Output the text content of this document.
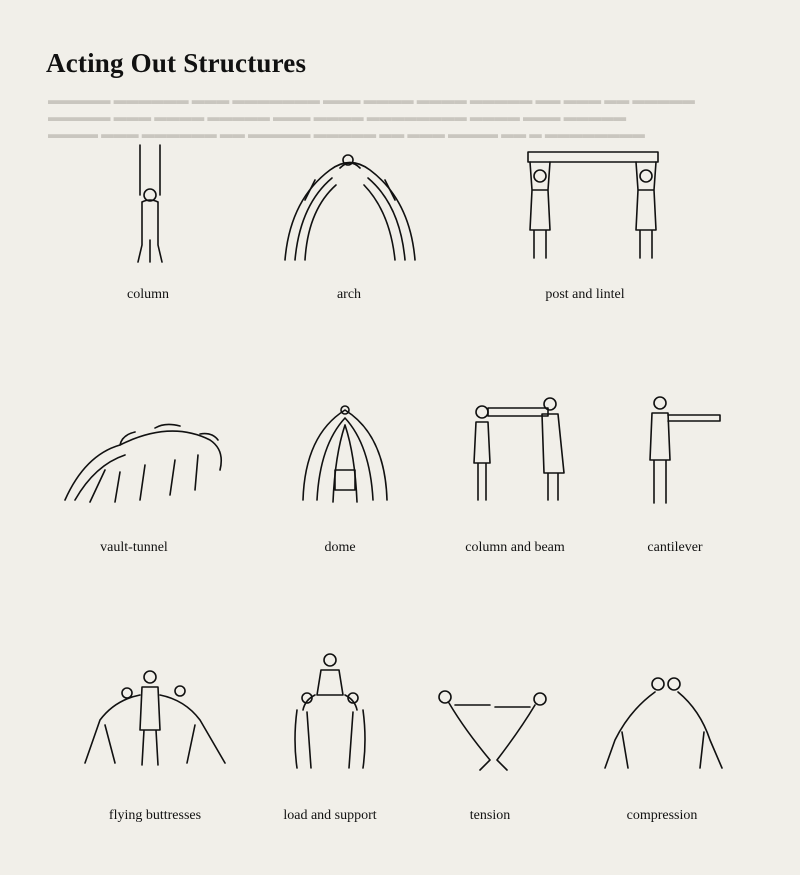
▬▬▬▬▬ ▬▬▬▬▬▬ ▬▬▬ ▬▬▬▬▬▬▬ ▬▬▬ ▬▬▬▬ ▬▬▬▬ ▬▬▬▬▬ ▬▬ ▬▬▬ ▬▬ ▬▬▬▬▬
▬▬▬▬▬ ▬▬▬ ▬▬▬▬ ▬▬▬▬▬ ▬▬▬ ▬▬▬▬ ▬▬▬▬▬▬▬▬ ▬▬▬▬ ▬▬▬ ▬▬▬▬▬
▬▬▬▬ ▬▬▬ ▬▬▬▬▬▬ ▬▬ ▬▬▬▬▬ ▬▬▬▬▬ ▬▬ ▬▬▬ ▬▬▬▬ ▬▬ ▬ ▬▬▬▬▬▬▬▬
Acting Out Structures
column	arch	post and lintel
vault-tunnel	dome	column and beam	cantilever
flying buttresses	load and support	tension	compression
